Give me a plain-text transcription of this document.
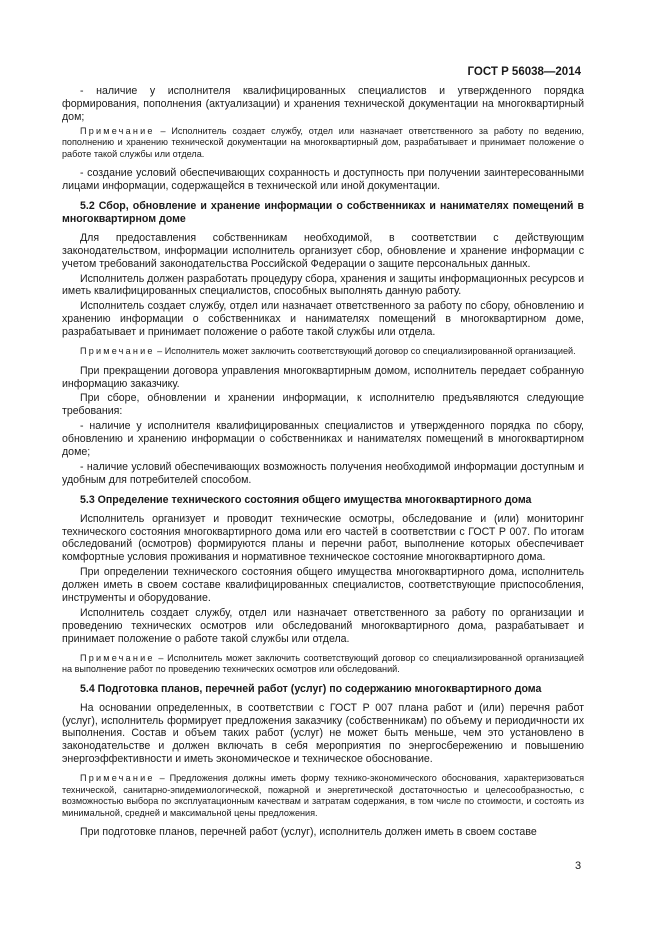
ГОСТ Р 56038—2014

- наличие у исполнителя квалифицированных специалистов и утвержденного порядка формирования, пополнения (актуализации) и хранения технической документации на многоквартирный дом;

Примечание – Исполнитель создает службу, отдел или назначает ответственного за работу по ведению, пополнению и хранению технической документации на многоквартирный дом, разрабатывает и принимает положение о работе такой службы или отдела.

- создание условий обеспечивающих сохранность и доступность при получении заинтересованными лицами информации, содержащейся в технической или иной документации.

5.2 Сбор, обновление и хранение информации о собственниках и нанимателях помещений в многоквартирном доме

Для предоставления собственникам необходимой, в соответствии с действующим законодательством, информации исполнитель организует сбор, обновление и хранение информации с учетом требований законодательства Российской Федерации о защите персональных данных.

Исполнитель должен разработать процедуру сбора, хранения и защиты информационных ресурсов и иметь квалифицированных специалистов, способных выполнять данную работу.

Исполнитель создает службу, отдел или назначает ответственного за работу по сбору, обновлению и хранению информации о собственниках и нанимателях помещений в многоквартирном доме, разрабатывает и принимает положение о работе такой службы или отдела.

Примечание – Исполнитель может заключить соответствующий договор со специализированной организацией.

При прекращении договора управления многоквартирным домом, исполнитель передает собранную информацию заказчику.

При сборе, обновлении и хранении информации, к исполнителю предъявляются следующие требования:

- наличие у исполнителя квалифицированных специалистов и утвержденного порядка по сбору, обновлению и хранению информации о собственниках и нанимателях помещений в многоквартирном доме;

- наличие условий обеспечивающих возможность получения необходимой информации доступным и удобным для потребителей способом.

5.3 Определение технического состояния общего имущества многоквартирного дома

Исполнитель организует и проводит технические осмотры, обследование и (или) мониторинг технического состояния многоквартирного дома или его частей в соответствии с ГОСТ Р 007. По итогам обследований (осмотров) формируются планы и перечни работ, выполнение которых обеспечивает комфортные условия проживания и нормативное техническое состояние многоквартирного дома.

При определении технического состояния общего имущества многоквартирного дома, исполнитель должен иметь в своем составе квалифицированных специалистов, соответствующие приспособления, инструменты и оборудование.

Исполнитель создает службу, отдел или назначает ответственного за работу по организации и проведению технических осмотров или обследований многоквартирного дома, разрабатывает и принимает положение о работе такой службы или отдела.

Примечание – Исполнитель может заключить соответствующий договор со специализированной организацией на выполнение работ по проведению технических осмотров или обследований.

5.4 Подготовка планов, перечней работ (услуг) по содержанию многоквартирного дома

На основании определенных, в соответствии с ГОСТ Р 007 плана работ и (или) перечня работ (услуг), исполнитель формирует предложения заказчику (собственникам) по объему и периодичности их выполнения. Состав и объем таких работ (услуг) не может быть меньше, чем это установлено в законодательстве и должен включать в себя мероприятия по энергосбережению и повышению энергоэффективности и иметь экономическое и техническое обоснование.

Примечание – Предложения должны иметь форму технико-экономического обоснования, характеризоваться технической, санитарно-эпидемиологической, пожарной и энергетической достаточностью и целесообразностью, с возможностью выбора по эксплуатационным качествам и затратам содержания, в том числе по стоимости, и состоять из минимальной, средней и максимальной цены предложения.

При подготовке планов, перечней работ (услуг), исполнитель должен иметь в своем составе

3
